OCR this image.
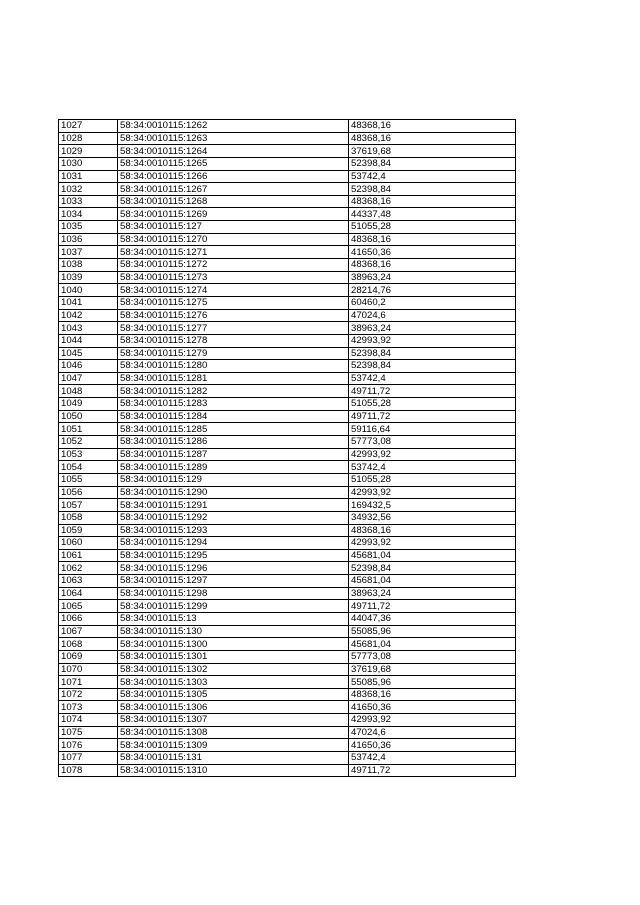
1027	58:34:0010115:1262	48368,16
1028	58:34:0010115:1263	48368,16
1029	58:34:0010115:1264	37619,68
1030	58:34:0010115:1265	52398,84
1031	58:34:0010115:1266	53742,4
1032	58:34:0010115:1267	52398,84
1033	58:34:0010115:1268	48368,16
1034	58:34:0010115:1269	44337,48
1035	58:34:0010115:127	51055,28
1036	58:34:0010115:1270	48368,16
1037	58:34:0010115:1271	41650,36
1038	58:34:0010115:1272	48368,16
1039	58:34:0010115:1273	38963,24
1040	58:34:0010115:1274	28214,76
1041	58:34:0010115:1275	60460,2
1042	58:34:0010115:1276	47024,6
1043	58:34:0010115:1277	38963,24
1044	58:34:0010115:1278	42993,92
1045	58:34:0010115:1279	52398,84
1046	58:34:0010115:1280	52398,84
1047	58:34:0010115:1281	53742,4
1048	58:34:0010115:1282	49711,72
1049	58:34:0010115:1283	51055,28
1050	58:34:0010115:1284	49711,72
1051	58:34:0010115:1285	59116,64
1052	58:34:0010115:1286	57773,08
1053	58:34:0010115:1287	42993,92
1054	58:34:0010115:1289	53742,4
1055	58:34:0010115:129	51055,28
1056	58:34:0010115:1290	42993,92
1057	58:34:0010115:1291	169432,5
1058	58:34:0010115:1292	34932,56
1059	58:34:0010115:1293	48368,16
1060	58:34:0010115:1294	42993,92
1061	58:34:0010115:1295	45681,04
1062	58:34:0010115:1296	52398,84
1063	58:34:0010115:1297	45681,04
1064	58:34:0010115:1298	38963,24
1065	58:34:0010115:1299	49711,72
1066	58:34:0010115:13	44047,36
1067	58:34:0010115:130	55085,96
1068	58:34:0010115:1300	45681,04
1069	58:34:0010115:1301	57773,08
1070	58:34:0010115:1302	37619,68
1071	58:34:0010115:1303	55085,96
1072	58:34:0010115:1305	48368,16
1073	58:34:0010115:1306	41650,36
1074	58:34:0010115:1307	42993,92
1075	58:34:0010115:1308	47024,6
1076	58:34:0010115:1309	41650,36
1077	58:34:0010115:131	53742,4
1078	58:34:0010115:1310	49711,72
